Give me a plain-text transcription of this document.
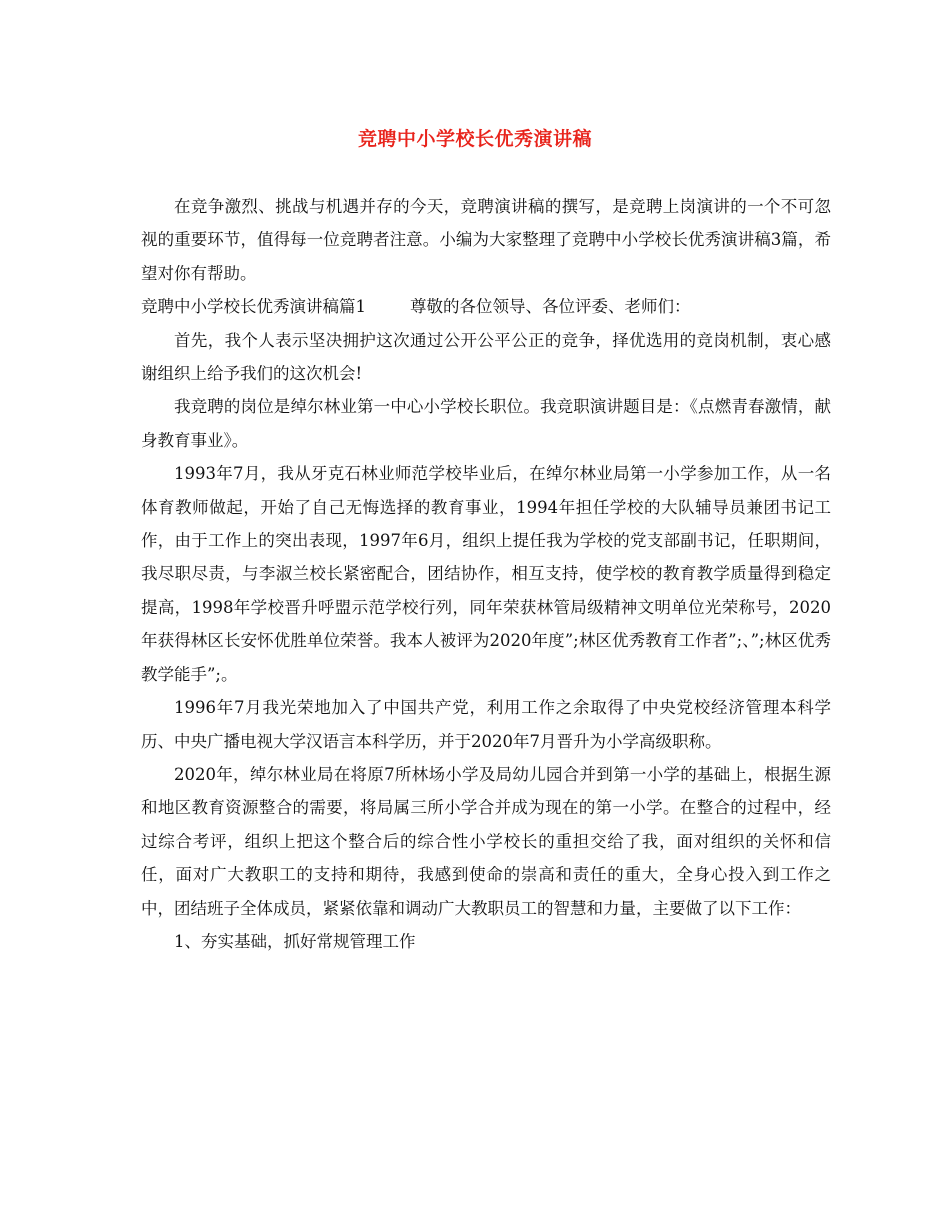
竞聘中小学校长优秀演讲稿

在竞争激烈、挑战与机遇并存的今天，竞聘演讲稿的撰写，是竞聘上岗演讲的一个不可忽视的重要环节，值得每一位竞聘者注意。小编为大家整理了竞聘中小学校长优秀演讲稿3篇，希望对你有帮助。

竞聘中小学校长优秀演讲稿篇1	尊敬的各位领导、各位评委、老师们：

首先，我个人表示坚决拥护这次通过公开公平公正的竞争，择优选用的竞岗机制，衷心感谢组织上给予我们的这次机会!

我竞聘的岗位是绰尔林业第一中心小学校长职位。我竞职演讲题目是：《点燃青春激情，献身教育事业》。

1993年7月，我从牙克石林业师范学校毕业后，在绰尔林业局第一小学参加工作，从一名体育教师做起，开始了自己无悔选择的教育事业，1994年担任学校的大队辅导员兼团书记工作，由于工作上的突出表现，1997年6月，组织上提任我为学校的党支部副书记，任职期间，我尽职尽责，与李淑兰校长紧密配合，团结协作，相互支持，使学校的教育教学质量得到稳定提高，1998年学校晋升呼盟示范学校行列，同年荣获林管局级精神文明单位光荣称号，2020年获得林区长安怀优胜单位荣誉。我本人被评为2020年度”;林区优秀教育工作者”;、”;林区优秀教学能手”;。

1996年7月我光荣地加入了中国共产党，利用工作之余取得了中央党校经济管理本科学历、中央广播电视大学汉语言本科学历，并于2020年7月晋升为小学高级职称。

2020年，绰尔林业局在将原7所林场小学及局幼儿园合并到第一小学的基础上，根据生源和地区教育资源整合的需要，将局属三所小学合并成为现在的第一小学。在整合的过程中，经过综合考评，组织上把这个整合后的综合性小学校长的重担交给了我，面对组织的关怀和信任，面对广大教职工的支持和期待，我感到使命的崇高和责任的重大，全身心投入到工作之中，团结班子全体成员，紧紧依靠和调动广大教职员工的智慧和力量，主要做了以下工作：

1、夯实基础，抓好常规管理工作
